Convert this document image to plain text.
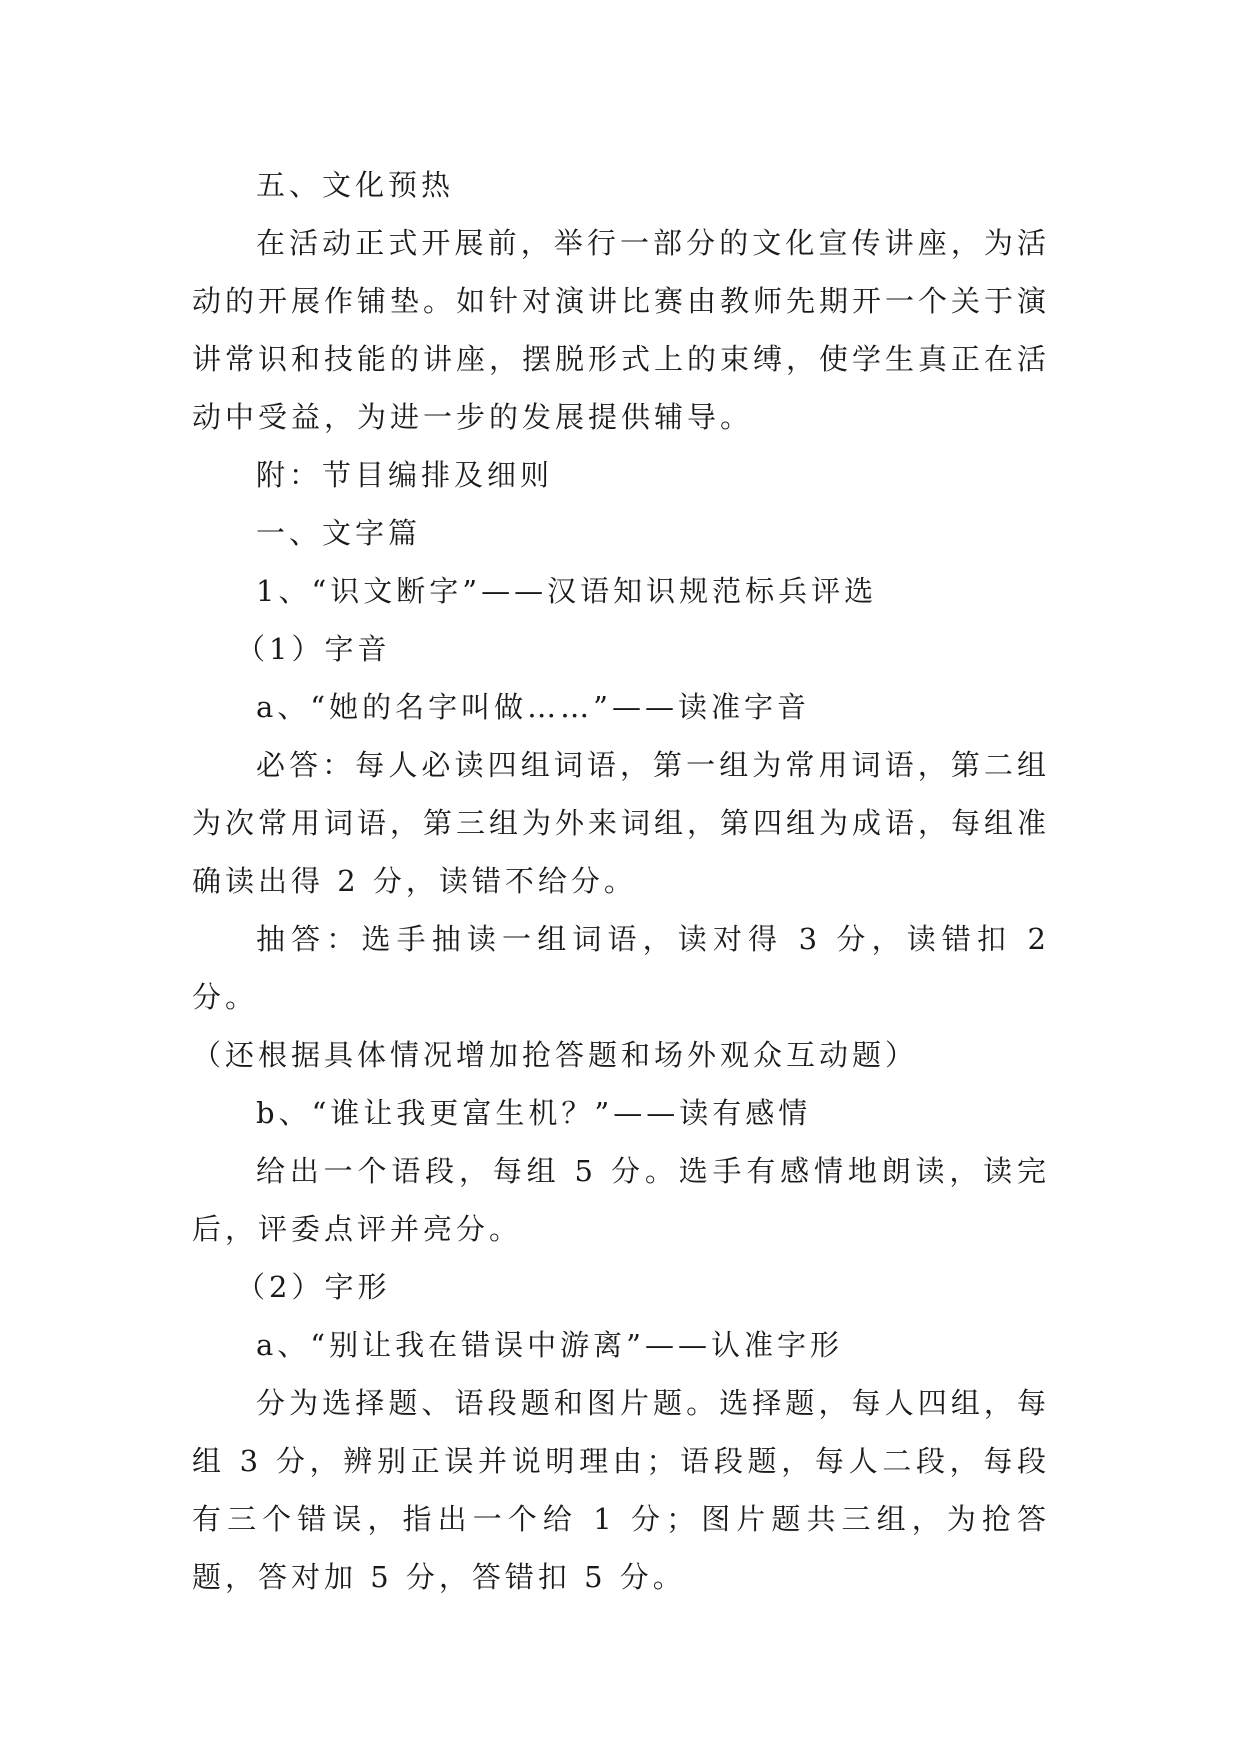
五、文化预热

在活动正式开展前，举行一部分的文化宣传讲座，为活动的开展作铺垫。如针对演讲比赛由教师先期开一个关于演讲常识和技能的讲座，摆脱形式上的束缚，使学生真正在活动中受益，为进一步的发展提供辅导。

附：节目编排及细则

一、文字篇

1、“识文断字”——汉语知识规范标兵评选

（1）字音

a、“她的名字叫做……”——读准字音

必答：每人必读四组词语，第一组为常用词语，第二组为次常用词语，第三组为外来词组，第四组为成语，每组准确读出得 2 分，读错不给分。

抽答：选手抽读一组词语，读对得 3 分，读错扣 2 分。

（还根据具体情况增加抢答题和场外观众互动题）

b、“谁让我更富生机？”——读有感情

给出一个语段，每组 5 分。选手有感情地朗读，读完后，评委点评并亮分。

（2）字形

a、“别让我在错误中游离”——认准字形

分为选择题、语段题和图片题。选择题，每人四组，每组 3 分，辨别正误并说明理由；语段题，每人二段，每段有三个错误，指出一个给 1 分；图片题共三组，为抢答题，答对加 5 分，答错扣 5 分。
